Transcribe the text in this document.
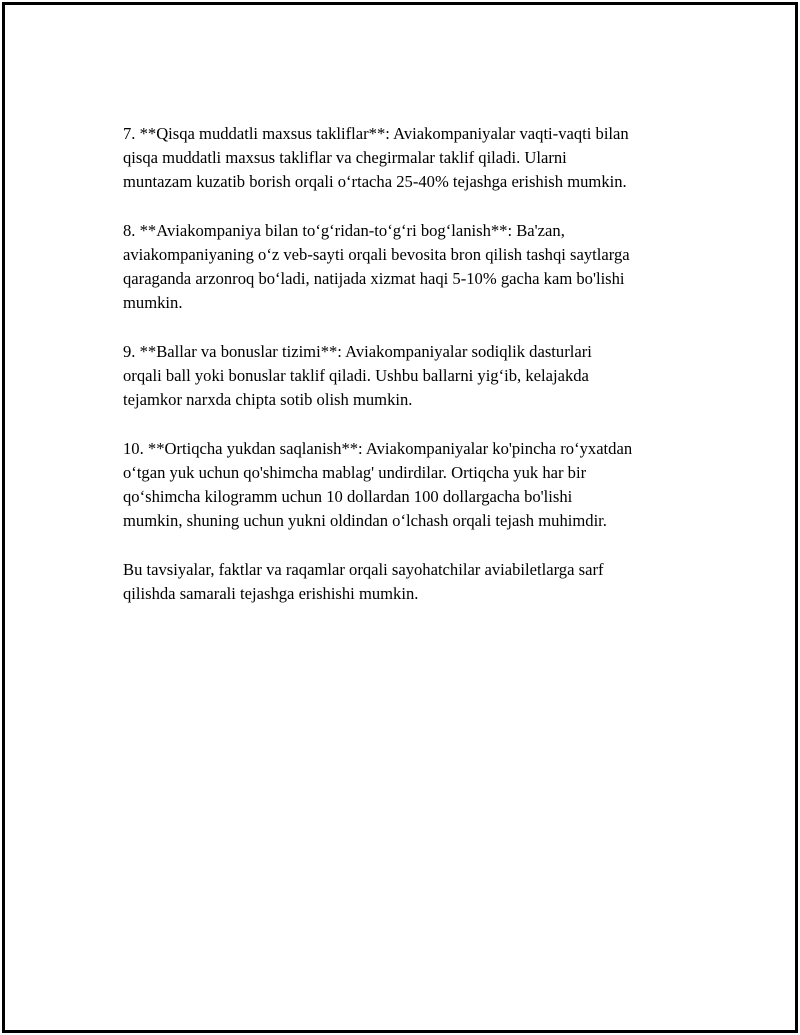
7. **Qisqa muddatli maxsus takliflar**: Aviakompaniyalar vaqti-vaqti bilan
qisqa muddatli maxsus takliflar va chegirmalar taklif qiladi. Ularni
muntazam kuzatib borish orqali oʻrtacha 25-40% tejashga erishish mumkin.

8. **Aviakompaniya bilan toʻgʻridan-toʻgʻri bogʻlanish**: Ba'zan,
aviakompaniyaning oʻz veb-sayti orqali bevosita bron qilish tashqi saytlarga
qaraganda arzonroq boʻladi, natijada xizmat haqi 5-10% gacha kam bo'lishi
mumkin.

9. **Ballar va bonuslar tizimi**: Aviakompaniyalar sodiqlik dasturlari
orqali ball yoki bonuslar taklif qiladi. Ushbu ballarni yigʻib, kelajakda
tejamkor narxda chipta sotib olish mumkin.

10. **Ortiqcha yukdan saqlanish**: Aviakompaniyalar ko'pincha roʻyxatdan
oʻtgan yuk uchun qo'shimcha mablag' undirdilar. Ortiqcha yuk har bir
qoʻshimcha kilogramm uchun 10 dollardan 100 dollargacha bo'lishi
mumkin, shuning uchun yukni oldindan oʻlchash orqali tejash muhimdir.

Bu tavsiyalar, faktlar va raqamlar orqali sayohatchilar aviabiletlarga sarf
qilishda samarali tejashga erishishi mumkin.
